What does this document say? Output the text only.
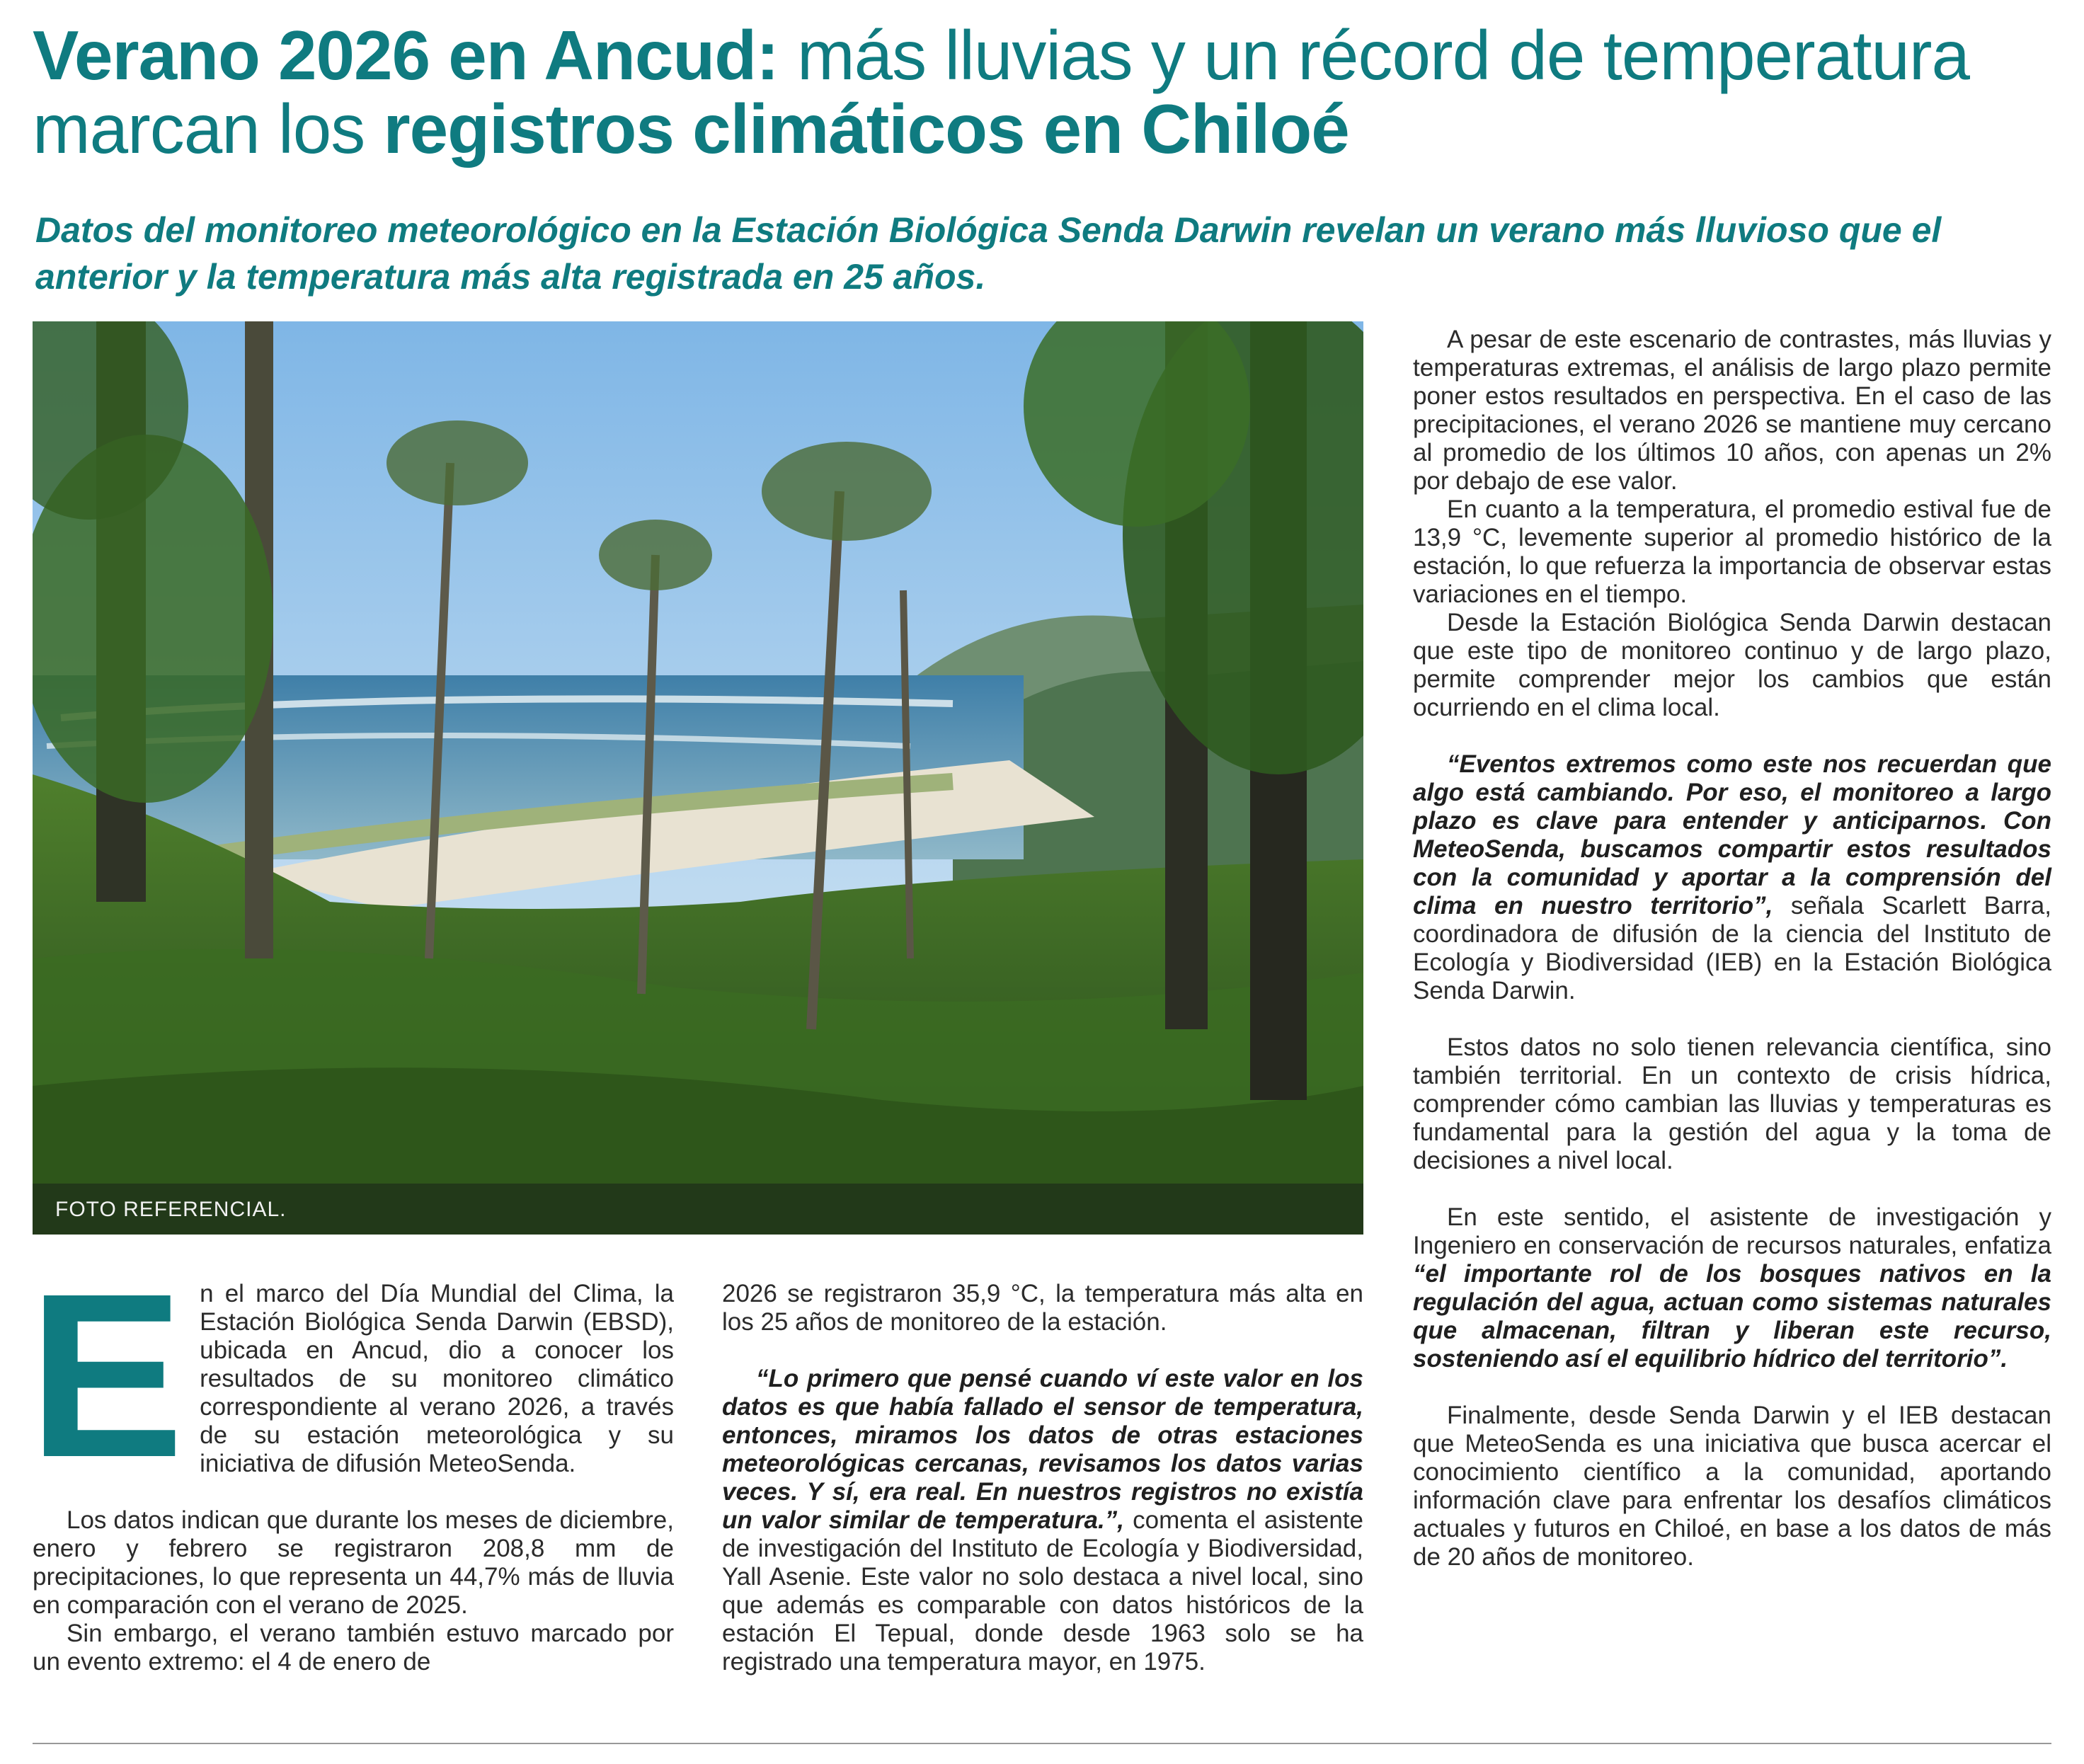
Verano 2026 en Ancud: más lluvias y un récord de temperatura marcan los registros climáticos en Chiloé

Datos del monitoreo meteorológico en la Estación Biológica Senda Darwin revelan un verano más lluvioso que el anterior y la temperatura más alta registrada en 25 años.

FOTO REFERENCIAL.
E n el marco del Día Mundial del Clima, la Estación Biológica Senda Darwin (EBSD), ubicada en Ancud, dio a conocer los resultados de su monitoreo climático correspondiente al verano 2026, a través de su estación meteorológica y su iniciativa de difusión MeteoSenda.

Los datos indican que durante los meses de diciembre, enero y febrero se registraron 208,8 mm de precipitaciones, lo que representa un 44,7% más de lluvia en comparación con el verano de 2025.

Sin embargo, el verano también estuvo marcado por un evento extremo: el 4 de enero de

2026 se registraron 35,9 °C, la temperatura más alta en los 25 años de monitoreo de la estación.

“Lo primero que pensé cuando ví este valor en los datos es que había fallado el sensor de temperatura, entonces, miramos los datos de otras estaciones meteorológicas cercanas, revisamos los datos varias veces. Y sí, era real. En nuestros registros no existía un valor similar de temperatura.”, comenta el asistente de investigación del Instituto de Ecología y Biodiversidad, Yall Asenie. Este valor no solo destaca a nivel local, sino que además es comparable con datos históricos de la estación El Tepual, donde desde 1963 solo se ha registrado una temperatura mayor, en 1975.

A pesar de este escenario de contrastes, más lluvias y temperaturas extremas, el análisis de largo plazo permite poner estos resultados en perspectiva. En el caso de las precipitaciones, el verano 2026 se mantiene muy cercano al promedio de los últimos 10 años, con apenas un 2% por debajo de ese valor.

En cuanto a la temperatura, el promedio estival fue de 13,9 °C, levemente superior al promedio histórico de la estación, lo que refuerza la importancia de observar estas variaciones en el tiempo.

Desde la Estación Biológica Senda Darwin destacan que este tipo de monitoreo continuo y de largo plazo, permite comprender mejor los cambios que están ocurriendo en el clima local.

“Eventos extremos como este nos recuerdan que algo está cambiando. Por eso, el monitoreo a largo plazo es clave para entender y anticiparnos. Con MeteoSenda, buscamos compartir estos resultados con la comunidad y aportar a la comprensión del clima en nuestro territorio”, señala Scarlett Barra, coordinadora de difusión de la ciencia del Instituto de Ecología y Biodiversidad (IEB) en la Estación Biológica Senda Darwin.

Estos datos no solo tienen relevancia científica, sino también territorial. En un contexto de crisis hídrica, comprender cómo cambian las lluvias y temperaturas es fundamental para la gestión del agua y la toma de decisiones a nivel local.

En este sentido, el asistente de investigación y Ingeniero en conservación de recursos naturales, enfatiza “el importante rol de los bosques nativos en la regulación del agua, actuan como sistemas naturales que almacenan, filtran y liberan este recurso, sosteniendo así el equilibrio hídrico del territorio”.

Finalmente, desde Senda Darwin y el IEB destacan que MeteoSenda es una iniciativa que busca acercar el conocimiento científico a la comunidad, aportando información clave para enfrentar los desafíos climáticos actuales y futuros en Chiloé, en base a los datos de más de 20 años de monitoreo.
